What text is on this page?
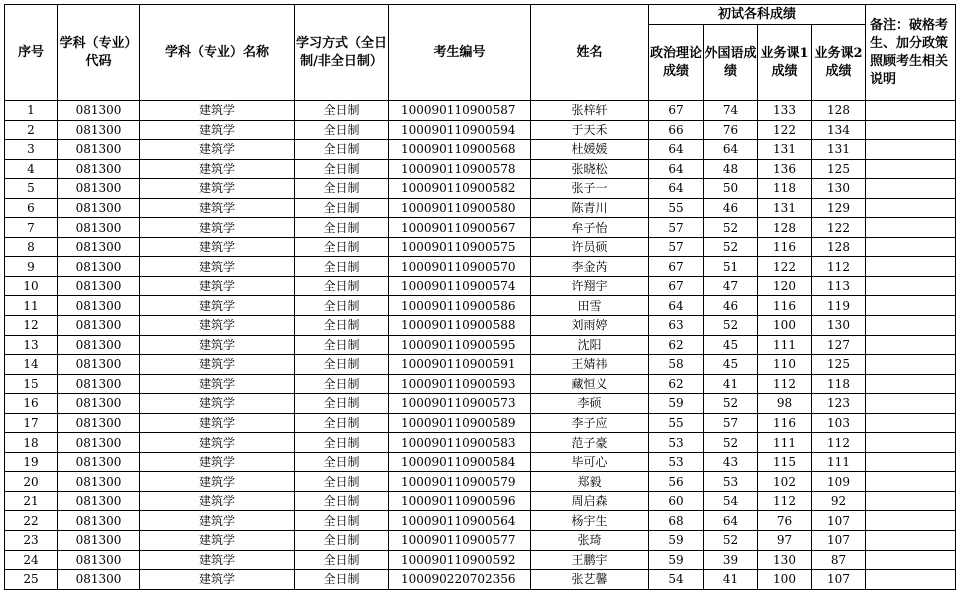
序号	学科（专业）代码	学科（专业）名称	学习方式（全日制/非全日制）	考生编号	姓名	初试各科成绩				备注：破格考生、加分政策照顾考生相关说明
						政治理论成绩	外国语成绩	业务课1成绩	业务课2成绩	
1	081300	建筑学	全日制	100090110900587	张梓轩	67	74	133	128	
2	081300	建筑学	全日制	100090110900594	于天禾	66	76	122	134	
3	081300	建筑学	全日制	100090110900568	杜媛媛	64	64	131	131	
4	081300	建筑学	全日制	100090110900578	张晓松	64	48	136	125	
5	081300	建筑学	全日制	100090110900582	张子一	64	50	118	130	
6	081300	建筑学	全日制	100090110900580	陈青川	55	46	131	129	
7	081300	建筑学	全日制	100090110900567	牟子怡	57	52	128	122	
8	081300	建筑学	全日制	100090110900575	许员硕	57	52	116	128	
9	081300	建筑学	全日制	100090110900570	李金芮	67	51	122	112	
10	081300	建筑学	全日制	100090110900574	许翔宇	67	47	120	113	
11	081300	建筑学	全日制	100090110900586	田雪	64	46	116	119	
12	081300	建筑学	全日制	100090110900588	刘雨婷	63	52	100	130	
13	081300	建筑学	全日制	100090110900595	沈阳	62	45	111	127	
14	081300	建筑学	全日制	100090110900591	王婧祎	58	45	110	125	
15	081300	建筑学	全日制	100090110900593	藏恒义	62	41	112	118	
16	081300	建筑学	全日制	100090110900573	李硕	59	52	98	123	
17	081300	建筑学	全日制	100090110900589	李子应	55	57	116	103	
18	081300	建筑学	全日制	100090110900583	范子豪	53	52	111	112	
19	081300	建筑学	全日制	100090110900584	毕可心	53	43	115	111	
20	081300	建筑学	全日制	100090110900579	郑毅	56	53	102	109	
21	081300	建筑学	全日制	100090110900596	周启森	60	54	112	92	
22	081300	建筑学	全日制	100090110900564	杨宇生	68	64	76	107	
23	081300	建筑学	全日制	100090110900577	张琦	59	52	97	107	
24	081300	建筑学	全日制	100090110900592	王鹏宇	59	39	130	87	
25	081300	建筑学	全日制	100090220702356	张艺馨	54	41	100	107	
